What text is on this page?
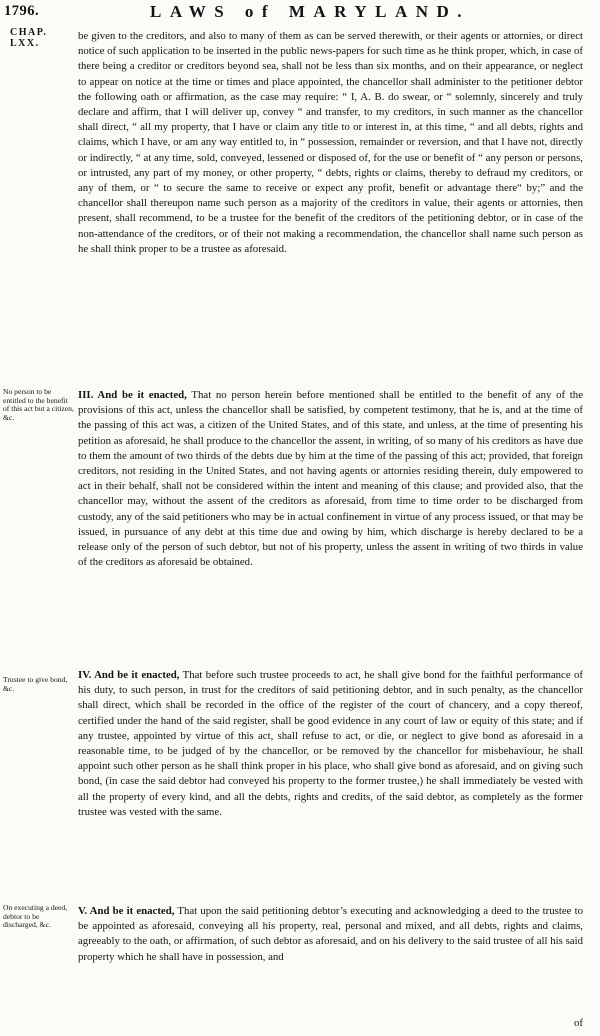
1796.	LAWS of MARYLAND.
CHAP.
LXX.
No person to be entitled to the benefit of this act but a citizen, &c.
Trustee to give bond, &c.
On executing a deed, debtor to be discharged, &c.
be given to the creditors, and also to many of them as can be served therewith, or their agents or attornies, or direct notice of such application to be inserted in the public news-papers for such time as he think proper, which, in case of there being a creditor or creditors beyond sea, shall not be less than six months, and on their appearance, or neglect to appear on notice at the time or times and place appointed, the chancellor shall administer to the petitioner debtor the following oath or affirmation, as the case may require: “ I, A. B. do swear, or “ solemnly, sincerely and truly declare and affirm, that I will deliver up, convey “ and transfer, to my creditors, in such manner as the chancellor shall direct, “ all my property, that I have or claim any title to or interest in, at this time, “ and all debts, rights and claims, which I have, or am any way entitled to, in “ possession, remainder or reversion, and that I have not, directly or indirectly, “ at any time, sold, conveyed, lessened or disposed of, for the use or benefit of “ any person or persons, or intrusted, any part of my money, or other property, “ debts, rights or claims, thereby to defraud my creditors, or any of them, or “ to secure the same to receive or expect any profit, benefit or advantage there“ by;” and the chancellor shall thereupon name such person as a majority of the creditors in value, their agents or attornies, then present, shall recommend, to be a trustee for the benefit of the creditors of the petitioning debtor, or in case of the non-attendance of the creditors, or of their not making a recommendation, the chancellor shall name such person as he shall think proper to be a trustee as aforesaid.
III. And be it enacted, That no person herein before mentioned shall be entitled to the benefit of any of the provisions of this act, unless the chancellor shall be satisfied, by competent testimony, that he is, and at the time of the passing of this act was, a citizen of the United States, and of this state, and unless, at the time of presenting his petition as aforesaid, he shall produce to the chancellor the assent, in writing, of so many of his creditors as have due to them the amount of two thirds of the debts due by him at the time of the passing of this act; provided, that foreign creditors, not residing in the United States, and not having agents or attornies residing therein, duly empowered to act in their behalf, shall not be considered within the intent and meaning of this clause; and provided also, that the chancellor may, without the assent of the creditors as aforesaid, from time to time order to be discharged from custody, any of the said petitioners who may be in actual confinement in virtue of any process issued, or that may be issued, in pursuance of any debt at this time due and owing by him, which discharge is hereby declared to be a release only of the person of such debtor, but not of his property, unless the assent in writing of two thirds in value of the creditors as aforesaid be obtained.
IV. And be it enacted, That before such trustee proceeds to act, he shall give bond for the faithful performance of his duty, to such person, in trust for the creditors of said petitioning debtor, and in such penalty, as the chancellor shall direct, which shall be recorded in the office of the register of the court of chancery, and a copy thereof, certified under the hand of the said register, shall be good evidence in any court of law or equity of this state; and if any trustee, appointed by virtue of this act, shall refuse to act, or die, or neglect to give bond as aforesaid in a reasonable time, to be judged of by the chancellor, or be removed by the chancellor for misbehaviour, he shall appoint such other person as he shall think proper in his place, who shall give bond as aforesaid, and on giving such bond, (in case the said debtor had conveyed his property to the former trustee,) he shall immediately be vested with all the property of every kind, and all the debts, rights and credits, of the said debtor, as completely as the former trustee was vested with the same.
V. And be it enacted, That upon the said petitioning debtor’s executing and acknowledging a deed to the trustee to be appointed as aforesaid, conveying all his property, real, personal and mixed, and all debts, rights and claims, agreeably to the oath, or affirmation, of such debtor as aforesaid, and on his delivery to the said trustee of all his said property which he shall have in possession, and
of
